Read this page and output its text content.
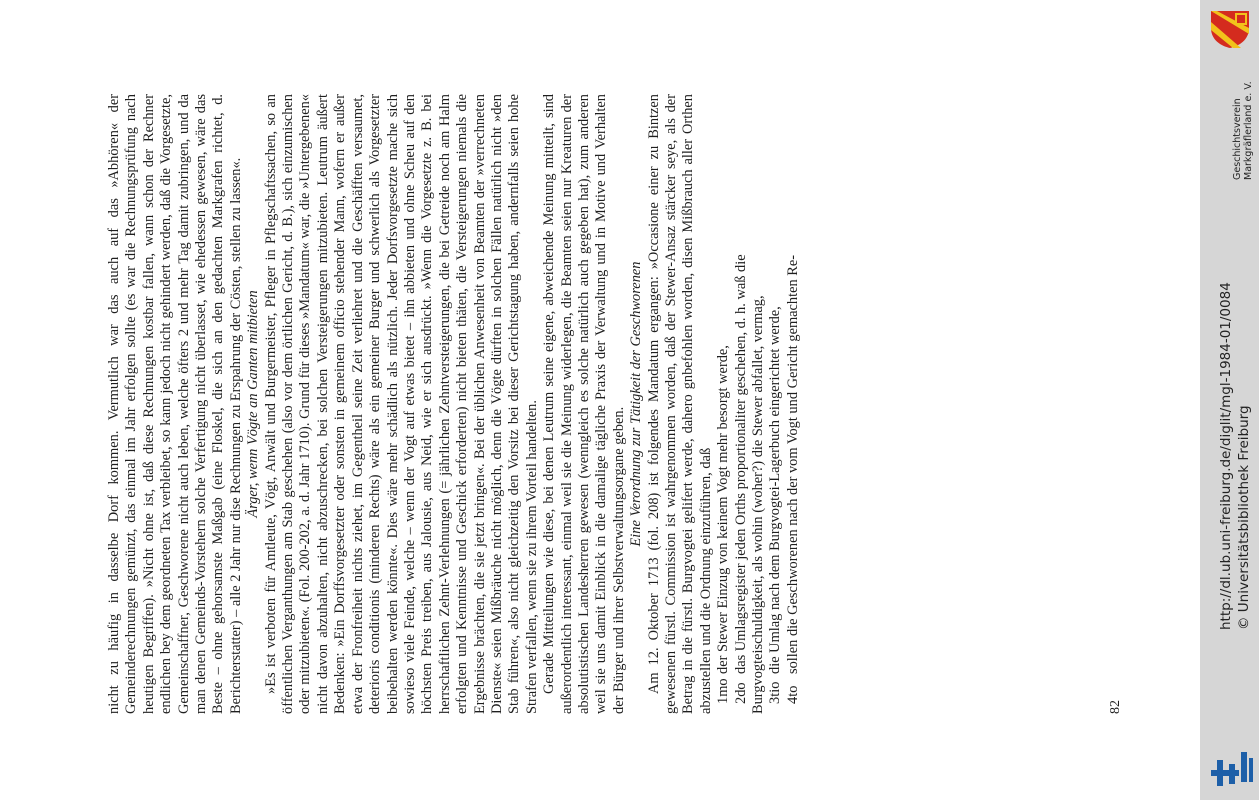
nicht zu häufig in dasselbe Dorf kommen. Vermutlich war das auch auf das »Abhören« der Gemeinderechnungen gemünzt, das einmal im Jahr erfolgen sollte (es war die Rechnungsprüfung nach heutigen Begriffen). »Nicht ohne ist, daß diese Rechnungen kostbar fallen, wann schon der Rechner endlichen bey dem geordneten Tax verbleibet, so kann jedoch nicht gehindert werden, daß die Vorgesetzte, Gemeinschaffner, Geschworene nicht auch leben, welche öfters 2 und mehr Tag damit zubringen, und da man denen Gemeinds-Vorstehern solche Verfertigung nicht überlasset, wie ehedessen gewesen, wäre das Beste – ohne gehorsamste Maßgab (eine Floskel, die sich an den gedachten Markgrafen richtet, d. Berichterstatter) – alle 2 Jahr nur dise Rechnungen zu Erspahrung der Cösten, stellen zu lassen«. Ärger, wenn Vögte an Ganten mitbieten »Es ist verboten für Amtleute, Vögt, Anwält und Burgermeister, Pfleger in Pflegschaftssachen, so an öffentlichen Verganthungen am Stab geschehen (also vor dem örtlichen Gericht, d. B.), sich einzumischen oder mitzubieten«. (Fol. 200-202, a. d. Jahr 1710). Grund für dieses »Mandatum« war, die »Untergebenen« nicht davon abzuhalten, nicht abzuschrecken, bei solchen Versteigerungen mitzubieten. Leutrum äußert Bedenken: »Ein Dorffsvorgesetzter oder sonsten in gemeinem officio stehender Mann, wofern er außer etwa der Fronfreiheit nichts ziehet, im Gegentheil seine Zeit verliehret und die Geschäfften versaumet, deterioris conditionis (minderen Rechts) wäre als ein gemeiner Burger und schwerlich als Vorgesetzter beibehalten werden könnte«. Dies wäre mehr schädlich als nützlich. Jeder Dorfsvorgesetzte mache sich sowieso viele Feinde, welche – wenn der Vogt auf etwas bietet – ihn abbieten und ohne Scheu auf den höchsten Preis treiben, aus Jalousie, aus Neid, wie er sich ausdrückt. »Wenn die Vorgesetzte z. B. bei herrschaftlichen Zehnt-Verlehnungen (= jährlichen Zehntversteigerungen, die bei Getreide noch am Halm erfolgten und Kenntnisse und Geschick erforderten) nicht bieten thäten, die Versteigerungen niemals die Ergebnisse brächten, die sie jetzt bringen«. Bei der üblichen Anwesenheit von Beamten der »verrechneten Dienste« seien Mißbräuche nicht möglich, denn die Vögte dürften in solchen Fällen natürlich nicht »den Stab führen«, also nicht gleichzeitig den Vorsitz bei dieser Gerichtstagung haben, andernfalls seien hohe Strafen verfallen, wenn sie zu ihrem Vorteil handelten. Gerade Mitteilungen wie diese, bei denen Leutrum seine eigene, abweichende Meinung mitteilt, sind außerordentlich interessant, einmal weil sie die Meinung widerlegen, die Beamten seien nur Kreaturen der absolutistischen Landesherren gewesen (wenngleich es solche natürlich auch gegeben hat), zum anderen weil sie uns damit Einblick in die damalige tägliche Praxis der Verwaltung und in Motive und Verhalten der Bürger und ihrer Selbstverwaltungsorgane geben.

Eine Verordnung zur Tätigkeit der Geschworenen Am 12. Oktober 1713 (fol. 208) ist folgendes Mandatum ergangen: »Occasione einer zu Bintzen gewesenen fürstl. Commission ist wahrgenommen worden, daß der Stewer-Ansaz stärcker seye, als der Betrag in die fürstl. Burgvogtei gelifert werde, dahero gnbefohlen worden, disen Mißbrauch aller Orthen abzustellen und die Ordnung einzuführen, daß 1mo
der Stewer Einzug von keinem Vogt mehr besorgt werde,
2do
das Umlagsregister jeden Orths proportionaliter geschehen, d. h. waß die Burgvogteischuldigkeit, als wohin (woher?) die Stewer abfallet, vermag, 3tio
die Umlag nach dem Burgvogtei-Lagerbuch eingerichtet werde,
4to
sollen die Geschworenen nach der vom Vogt und Gericht gemachten Re-
82
http://dl.ub.uni-freiburg.de/diglit/mgl-1984-01/0084 © Universitätsbibliothek Freiburg
Geschichtsverein Markgräflerland e. V.
